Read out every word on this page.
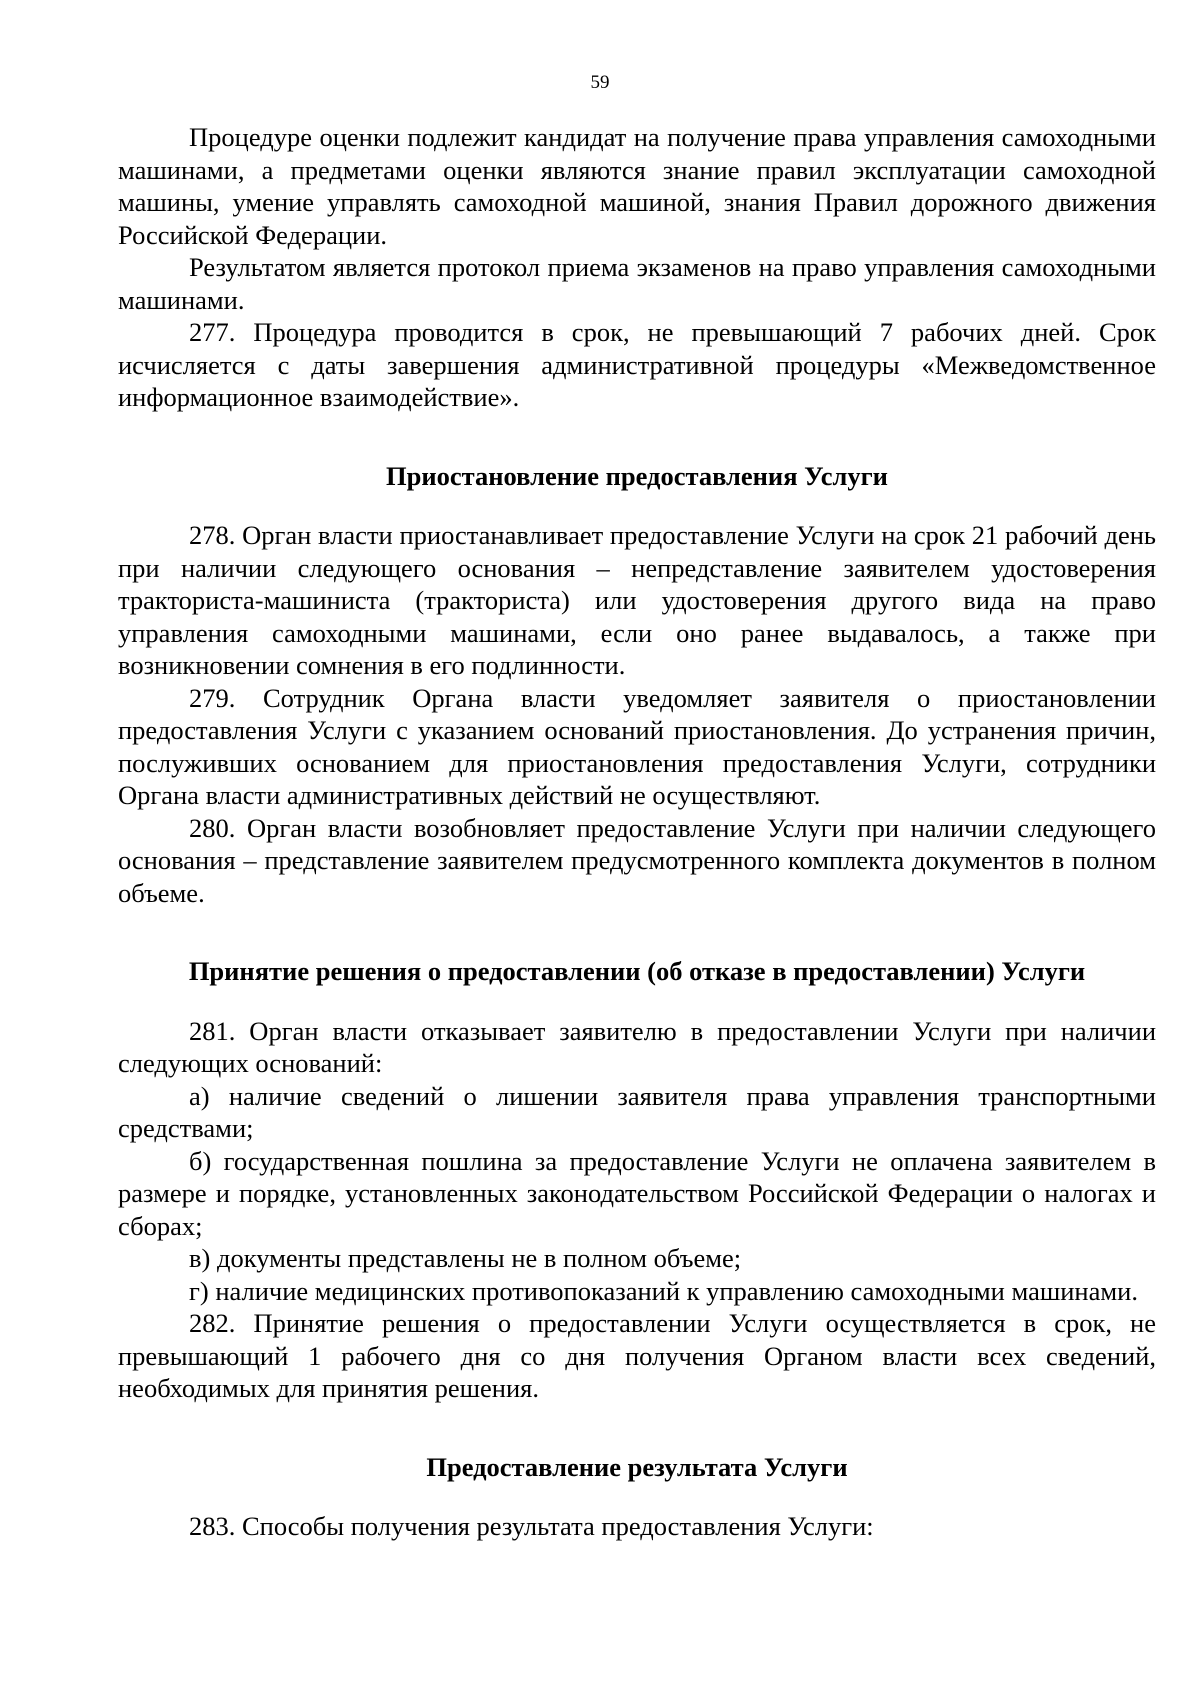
59

Процедуре оценки подлежит кандидат на получение права управления самоходными машинами, а предметами оценки являются знание правил эксплуатации самоходной машины, умение управлять самоходной машиной, знания Правил дорожного движения Российской Федерации.

Результатом является протокол приема экзаменов на право управления самоходными машинами.

277. Процедура проводится в срок, не превышающий 7 рабочих дней. Срок исчисляется с даты завершения административной процедуры «Межведомственное информационное взаимодействие».

Приостановление предоставления Услуги

278. Орган власти приостанавливает предоставление Услуги на срок 21 рабочий день при наличии следующего основания – непредставление заявителем удостоверения тракториста-машиниста (тракториста) или удостоверения другого вида на право управления самоходными машинами, если оно ранее выдавалось, а также при возникновении сомнения в его подлинности.

279. Сотрудник Органа власти уведомляет заявителя о приостановлении предоставления Услуги с указанием оснований приостановления. До устранения причин, послуживших основанием для приостановления предоставления Услуги, сотрудники Органа власти административных действий не осуществляют.

280. Орган власти возобновляет предоставление Услуги при наличии следующего основания – представление заявителем предусмотренного комплекта документов в полном объеме.

Принятие решения о предоставлении (об отказе в предоставлении) Услуги

281. Орган власти отказывает заявителю в предоставлении Услуги при наличии следующих оснований:

а) наличие сведений о лишении заявителя права управления транспортными средствами;

б) государственная пошлина за предоставление Услуги не оплачена заявителем в размере и порядке, установленных законодательством Российской Федерации о налогах и сборах;

в) документы представлены не в полном объеме;

г) наличие медицинских противопоказаний к управлению самоходными машинами.

282. Принятие решения о предоставлении Услуги осуществляется в срок, не превышающий 1 рабочего дня со дня получения Органом власти всех сведений, необходимых для принятия решения.

Предоставление результата Услуги

283. Способы получения результата предоставления Услуги:
